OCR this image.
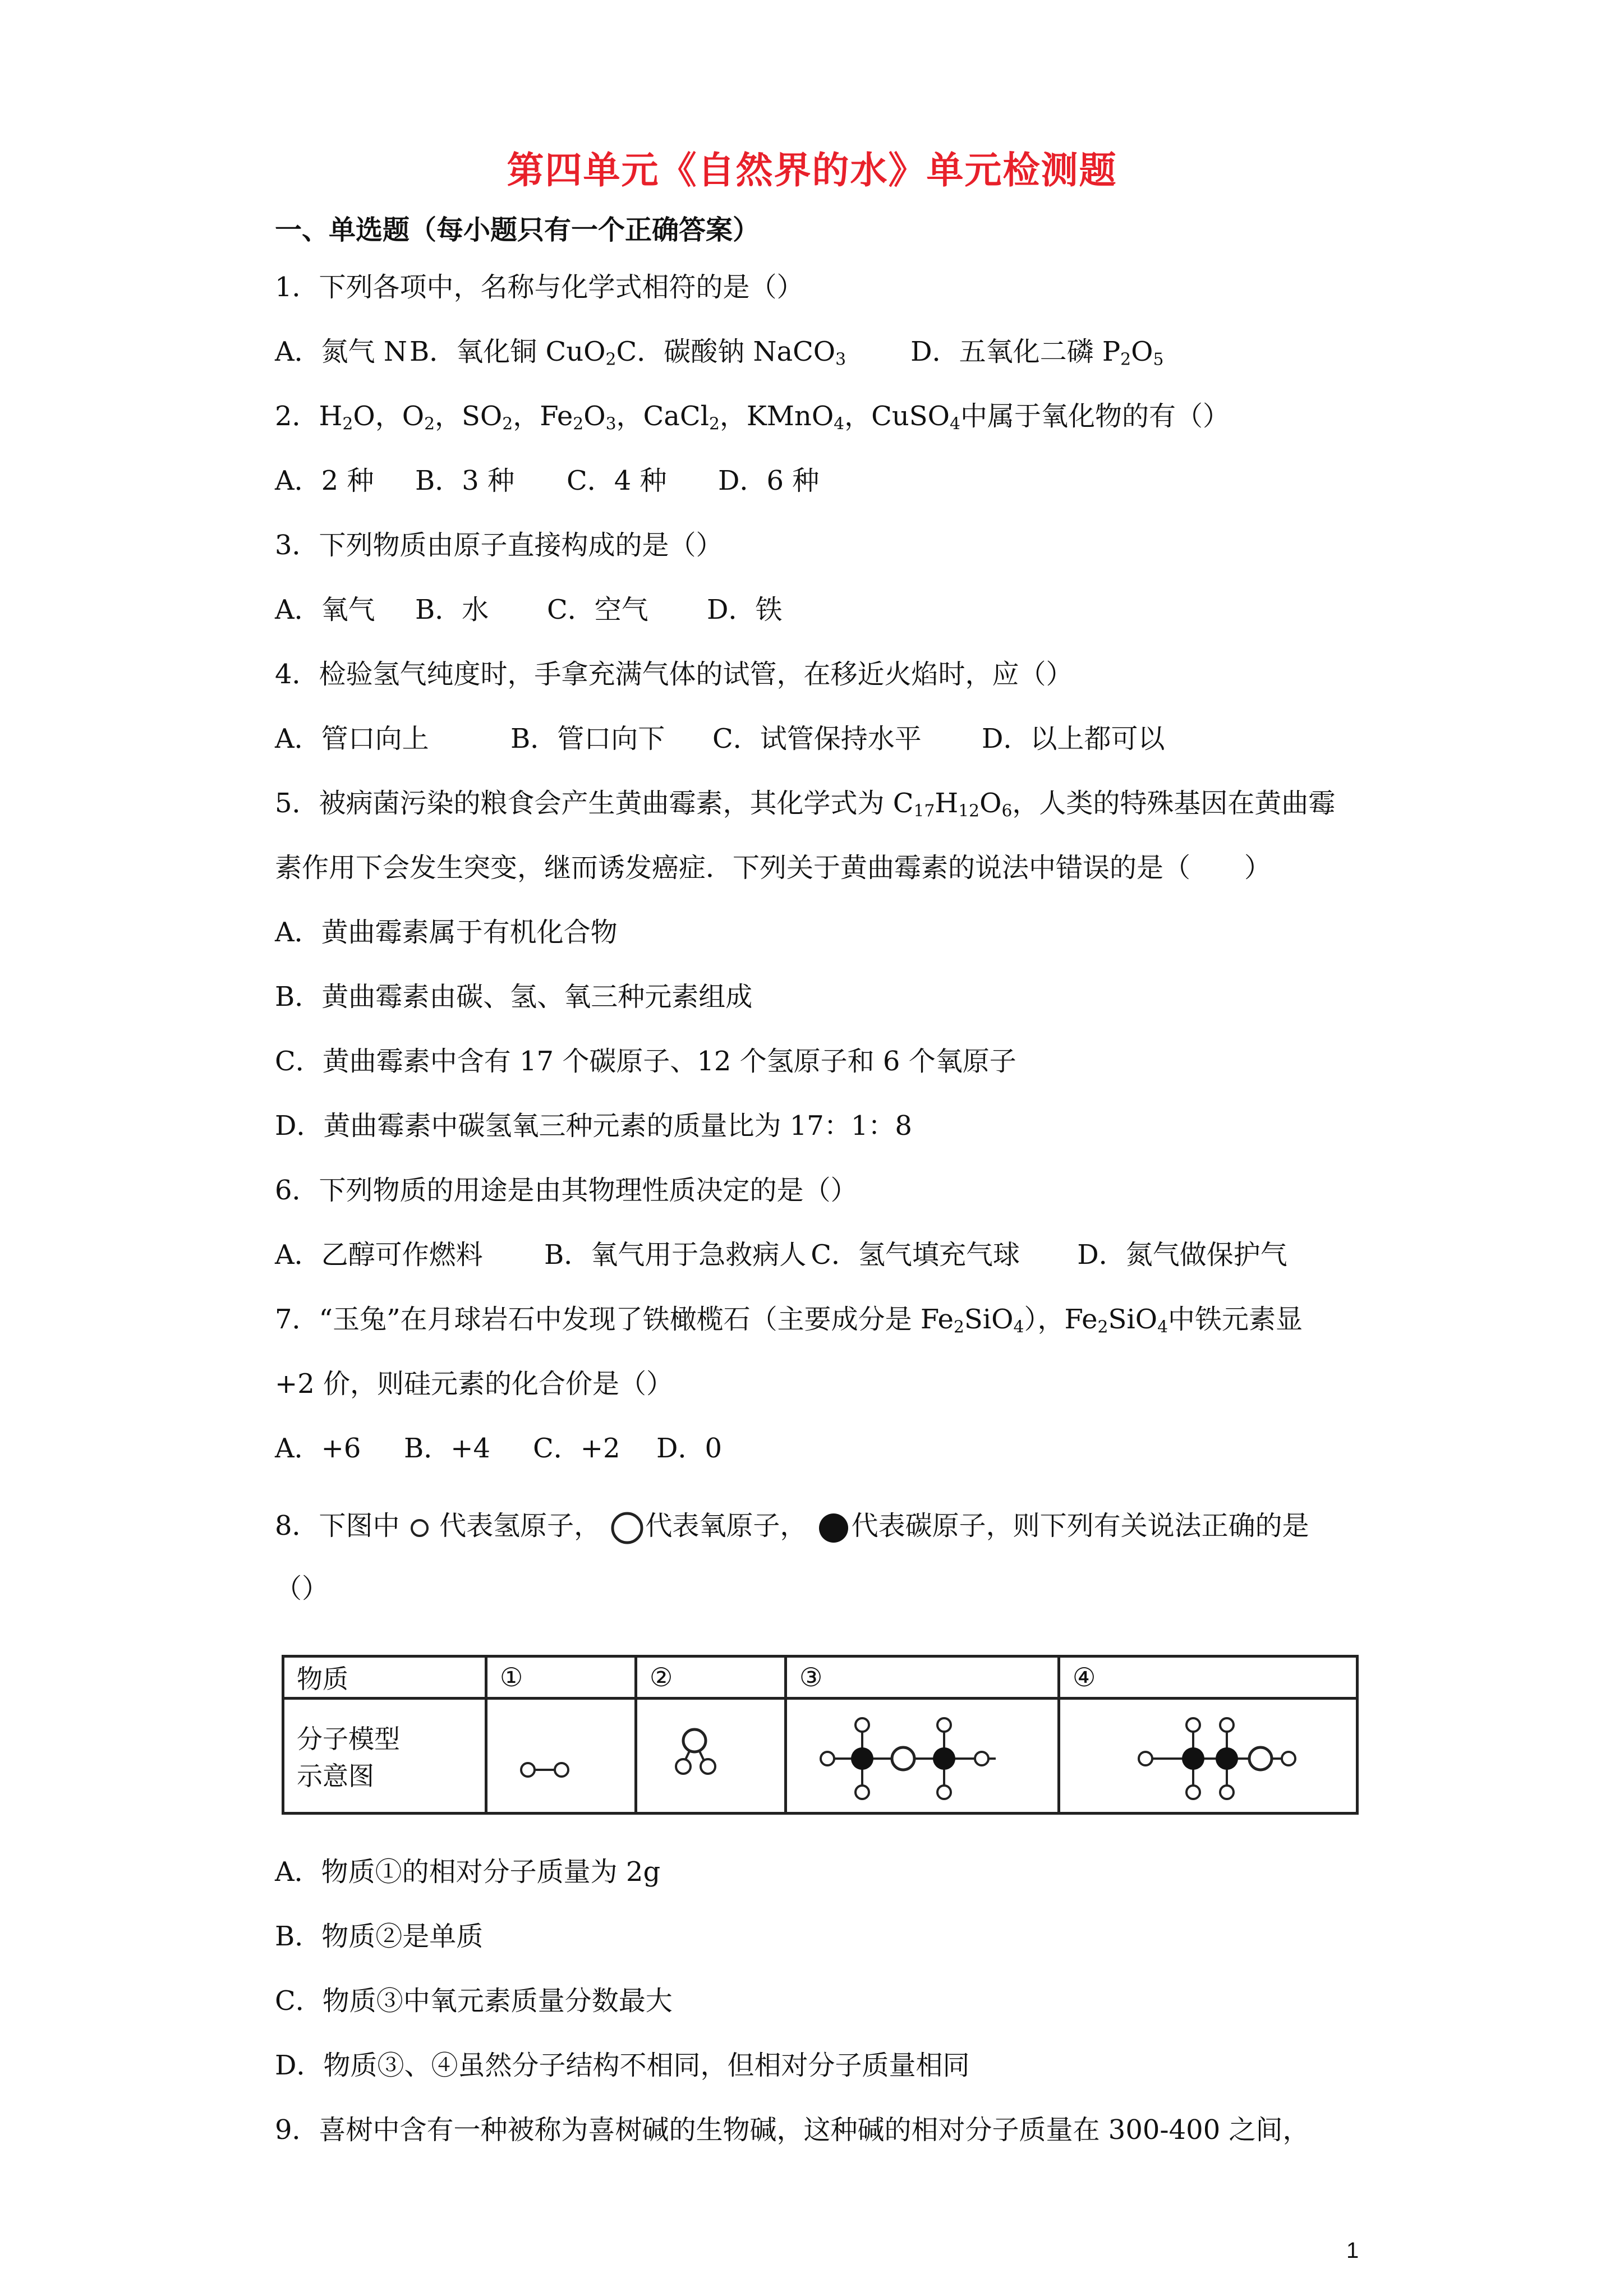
第四单元《自然界的水》单元检测题
一、单选题（每小题只有一个正确答案）
1．下列各项中，名称与化学式相符的是（）
A．氮气 NB．氧化铜 CuO$_2$C．碳酸钠 NaCO$_3$ D．五氧化二磷 $P_2O_5$
2．$H_2O$，$O_2$，$SO_2$，$Fe_2O_3$，CaCl$_2$，KMnO$_4$，CuSO$_4$中属于氧化物的有（）
A．2 种 B．3 种 C．4 种 D．6 种
3．下列物质由原子直接构成的是（）
A．氧气 B．水 C．空气 D．铁
4．检验氢气纯度时，手拿充满气体的试管，在移近火焰时，应（）
A．管口向上	B．管口向下 C．试管保持水平 D．以上都可以
5．被病菌污染的粮食会产生黄曲霉素，其化学式为 $C_{17}H_{12}O_6$，人类的特殊基因在黄曲霉
素作用下会发生突变，继而诱发癌症．下列关于黄曲霉素的说法中错误的是（　　）
A．黄曲霉素属于有机化合物
B．黄曲霉素由碳、氢、氧三种元素组成
C．黄曲霉素中含有 17 个碳原子、12 个氢原子和 6 个氧原子
D．黄曲霉素中碳氢氧三种元素的质量比为 17：1：8
6．下列物质的用途是由其物理性质决定的是（）
A．乙醇可作燃料 B．氧气用于急救病人 C．氢气填充气球 D．氮气做保护气
7．“玉兔”在月球岩石中发现了铁橄榄石（主要成分是 $Fe_2SiO_4$），$Fe_2SiO_4$中铁元素显
+2 价，则硅元素的化合价是（）
A．+6 B．+4 C．+2 D．0
8．下图中 代表氢原子， 代表氧原子， 代表碳原子，则下列有关说法正确的是
（）
物质	①	②	③	④

分子模型
示意图

A．物质①的相对分子质量为 2g
B．物质②是单质
C．物质③中氧元素质量分数最大
D．物质③、④虽然分子结构不相同，但相对分子质量相同
9．喜树中含有一种被称为喜树碱的生物碱，这种碱的相对分子质量在 300-400 之间，
1
